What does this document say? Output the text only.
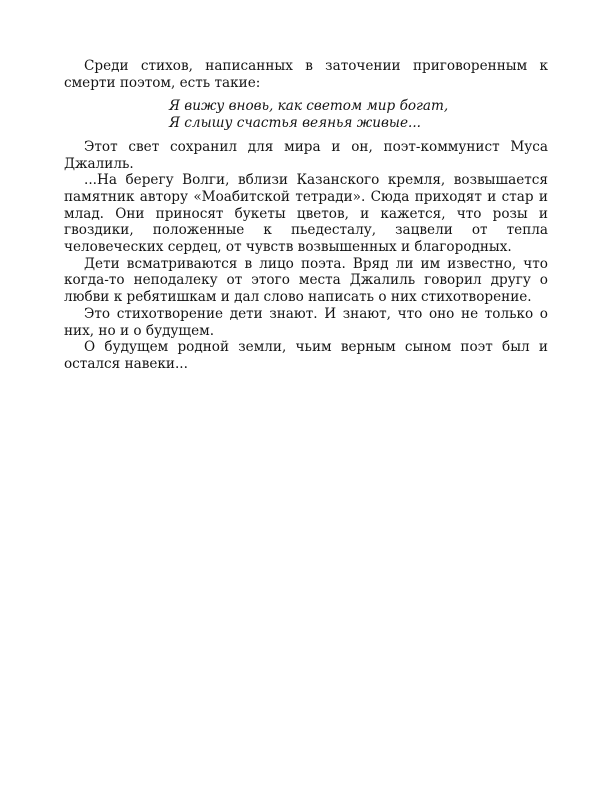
Среди стихов, написанных в заточении приговоренным к смерти поэтом, есть такие:

Я вижу вновь, как светом мир богат,
Я слышу счастья веянья живые...

Этот свет сохранил для мира и он, поэт-коммунист Муса Джалиль.

...На берегу Волги, вблизи Казанского кремля, возвышается памятник автору «Моабитской тетради». Сюда приходят и стар и млад. Они приносят букеты цветов, и кажется, что розы и гвоздики, положенные к пьедесталу, зацвели от тепла человеческих сердец, от чувств возвышенных и благородных.

Дети всматриваются в лицо поэта. Вряд ли им известно, что когда-то неподалеку от этого места Джалиль говорил другу о любви к ребятишкам и дал слово написать о них стихотворение.

Это стихотворение дети знают. И знают, что оно не только о них, но и о будущем.

О будущем родной земли, чьим верным сыном поэт был и остался навеки...
